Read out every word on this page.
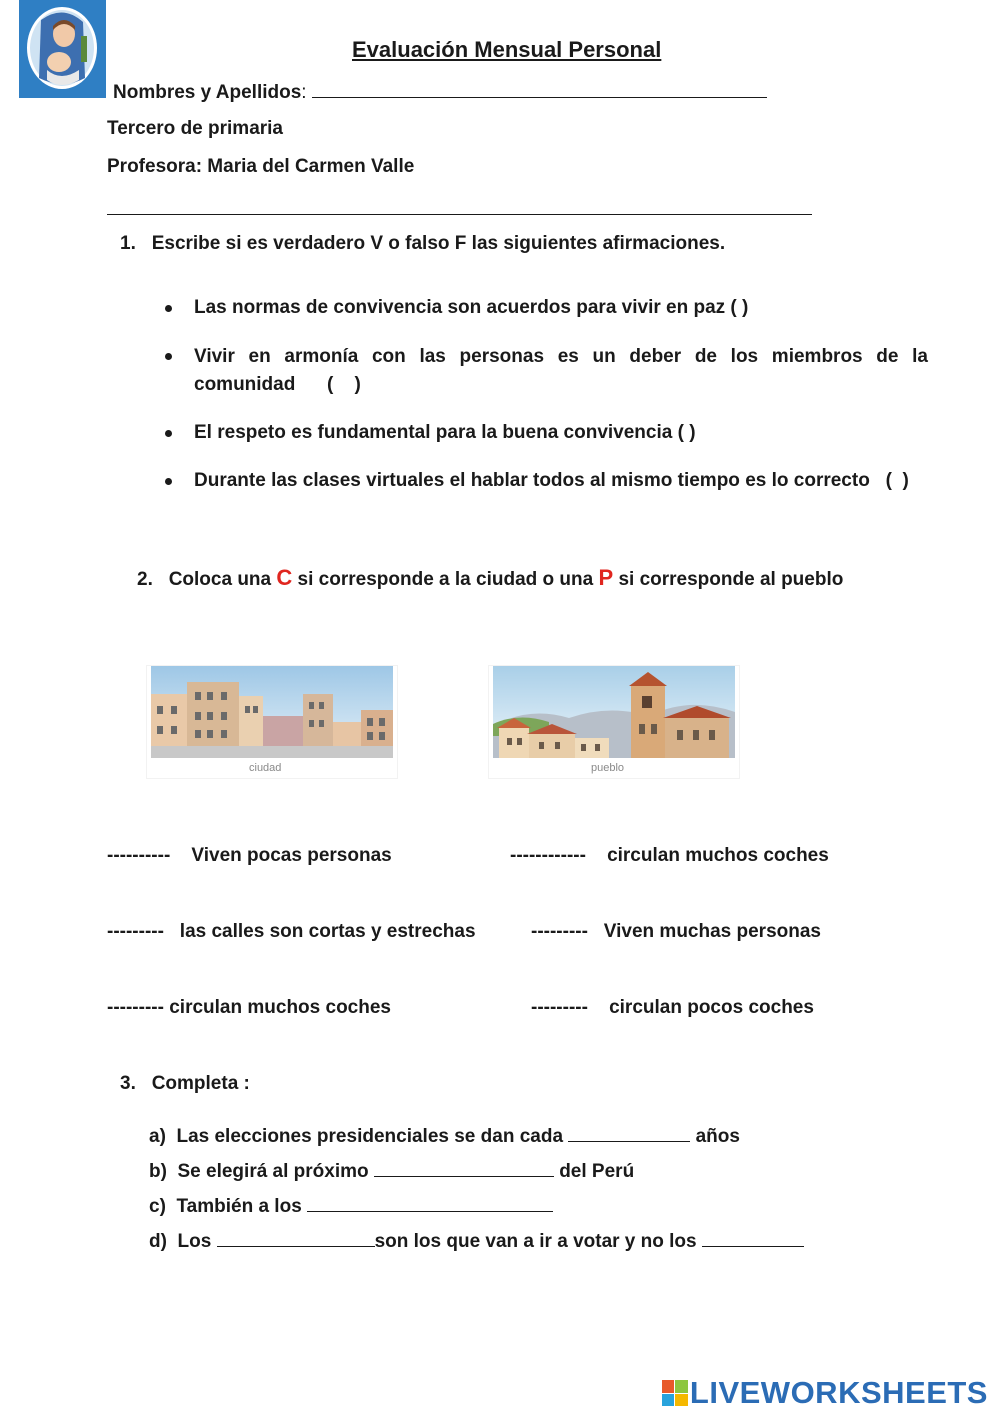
Evaluación Mensual Personal
Nombres y Apellidos:
Tercero de primaria
Profesora: Maria del Carmen Valle
1. Escribe si es verdadero V o falso F las siguientes afirmaciones.
Las normas de convivencia son acuerdos para vivir en paz ( )
Vivir en armonía con las personas es un deber de los miembros de la
comunidad      (    )
El respeto es fundamental para la buena convivencia ( )
Durante las clases virtuales el hablar todos al mismo tiempo es lo correcto   (  )
2. Coloca una C si corresponde a la ciudad o una P si corresponde al pueblo
ciudad	pueblo
---------- Viven pocas personas	------------ circulan muchos coches
--------- las calles son cortas y estrechas	--------- Viven muchas personas
--------- circulan muchos coches	--------- circulan pocos coches
3. Completa :
a) Las elecciones presidenciales se dan cada	años
b) Se elegirá al próximo	del Perú
c) También a los
d) Los	son los que van a ir a votar y no los
LIVEWORKSHEETS
